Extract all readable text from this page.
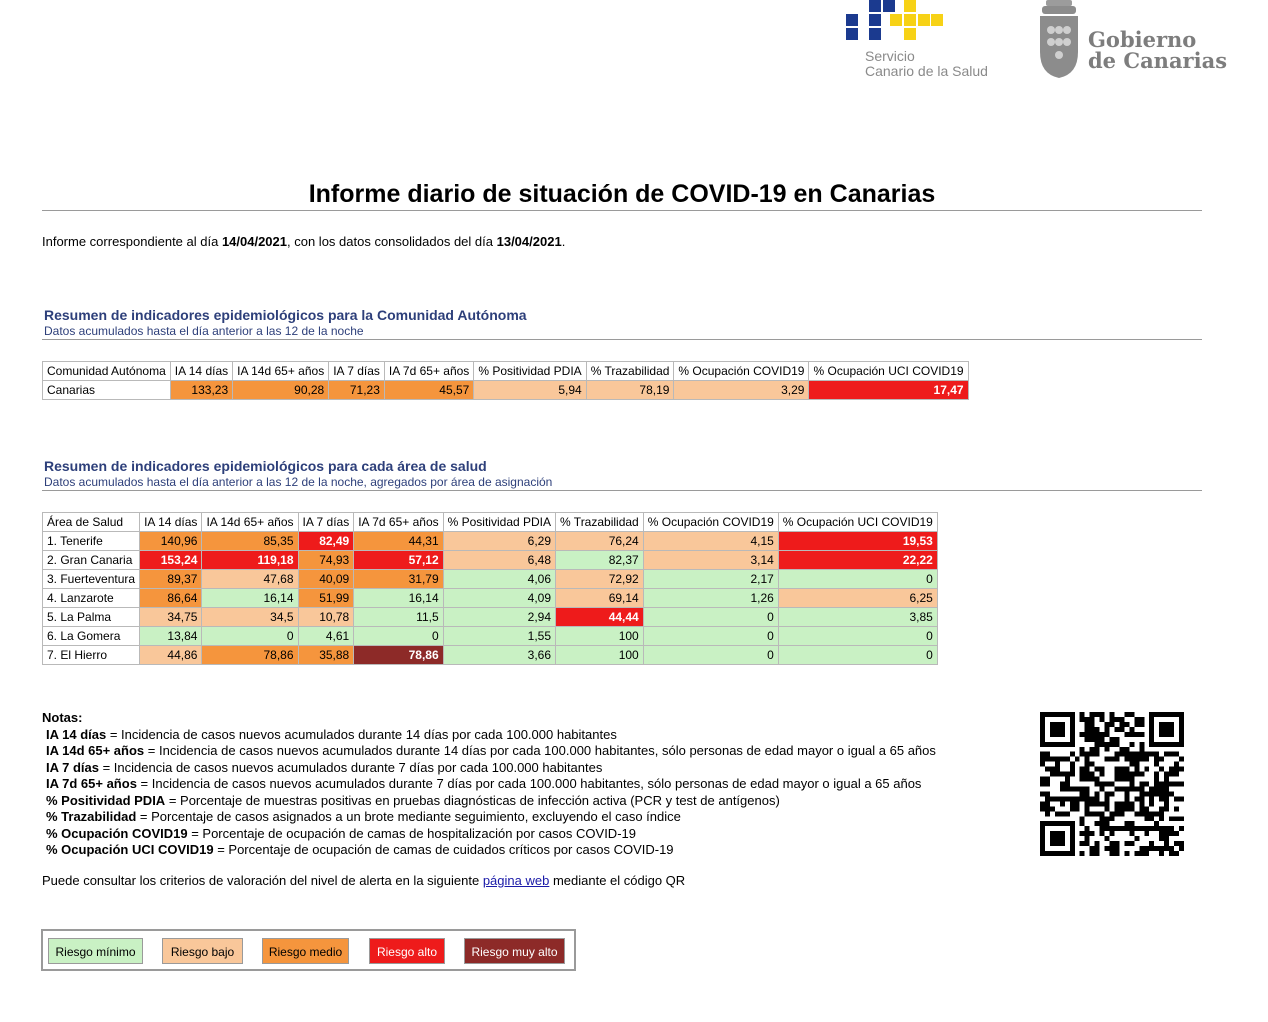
Servicio
Canario de la Salud
Gobierno
de Canarias
Informe diario de situación de COVID-19 en Canarias
Informe correspondiente al día 14/04/2021, con los datos consolidados del día 13/04/2021.
Resumen de indicadores epidemiológicos para la Comunidad Autónoma
Datos acumulados hasta el día anterior a las 12 de la noche
Comunidad Autónoma	IA 14 días	IA 14d 65+ años	IA 7 días	IA 7d 65+ años	% Positividad PDIA	% Trazabilidad	% Ocupación COVID19	% Ocupación UCI COVID19
Canarias	133,23	90,28	71,23	45,57	5,94	78,19	3,29	17,47
Resumen de indicadores epidemiológicos para cada área de salud
Datos acumulados hasta el día anterior a las 12 de la noche, agregados por área de asignación
Área de Salud	IA 14 días	IA 14d 65+ años	IA 7 días	IA 7d 65+ años	% Positividad PDIA	% Trazabilidad	% Ocupación COVID19	% Ocupación UCI COVID19
1. Tenerife	140,96	85,35	82,49	44,31	6,29	76,24	4,15	19,53
2. Gran Canaria	153,24	119,18	74,93	57,12	6,48	82,37	3,14	22,22
3. Fuerteventura	89,37	47,68	40,09	31,79	4,06	72,92	2,17	0
4. Lanzarote	86,64	16,14	51,99	16,14	4,09	69,14	1,26	6,25
5. La Palma	34,75	34,5	10,78	11,5	2,94	44,44	0	3,85
6. La Gomera	13,84	0	4,61	0	1,55	100	0	0
7. El Hierro	44,86	78,86	35,88	78,86	3,66	100	0	0
Notas:
IA 14 días = Incidencia de casos nuevos acumulados durante 14 días por cada 100.000 habitantes
IA 14d 65+ años = Incidencia de casos nuevos acumulados durante 14 días por cada 100.000 habitantes, sólo personas de edad mayor o igual a 65 años
IA 7 días = Incidencia de casos nuevos acumulados durante 7 días por cada 100.000 habitantes
IA 7d 65+ años = Incidencia de casos nuevos acumulados durante 7 días por cada 100.000 habitantes, sólo personas de edad mayor o igual a 65 años
% Positividad PDIA = Porcentaje de muestras positivas en pruebas diagnósticas de infección activa (PCR y test de antígenos)
% Trazabilidad = Porcentaje de casos asignados a un brote mediante seguimiento, excluyendo el caso índice
% Ocupación COVID19 = Porcentaje de ocupación de camas de hospitalización por casos COVID-19
% Ocupación UCI COVID19 = Porcentaje de ocupación de camas de cuidados críticos por casos COVID-19
Puede consultar los criterios de valoración del nivel de alerta en la siguiente página web mediante el código QR
Riesgo mínimo	Riesgo bajo	Riesgo medio	Riesgo alto	Riesgo muy alto
